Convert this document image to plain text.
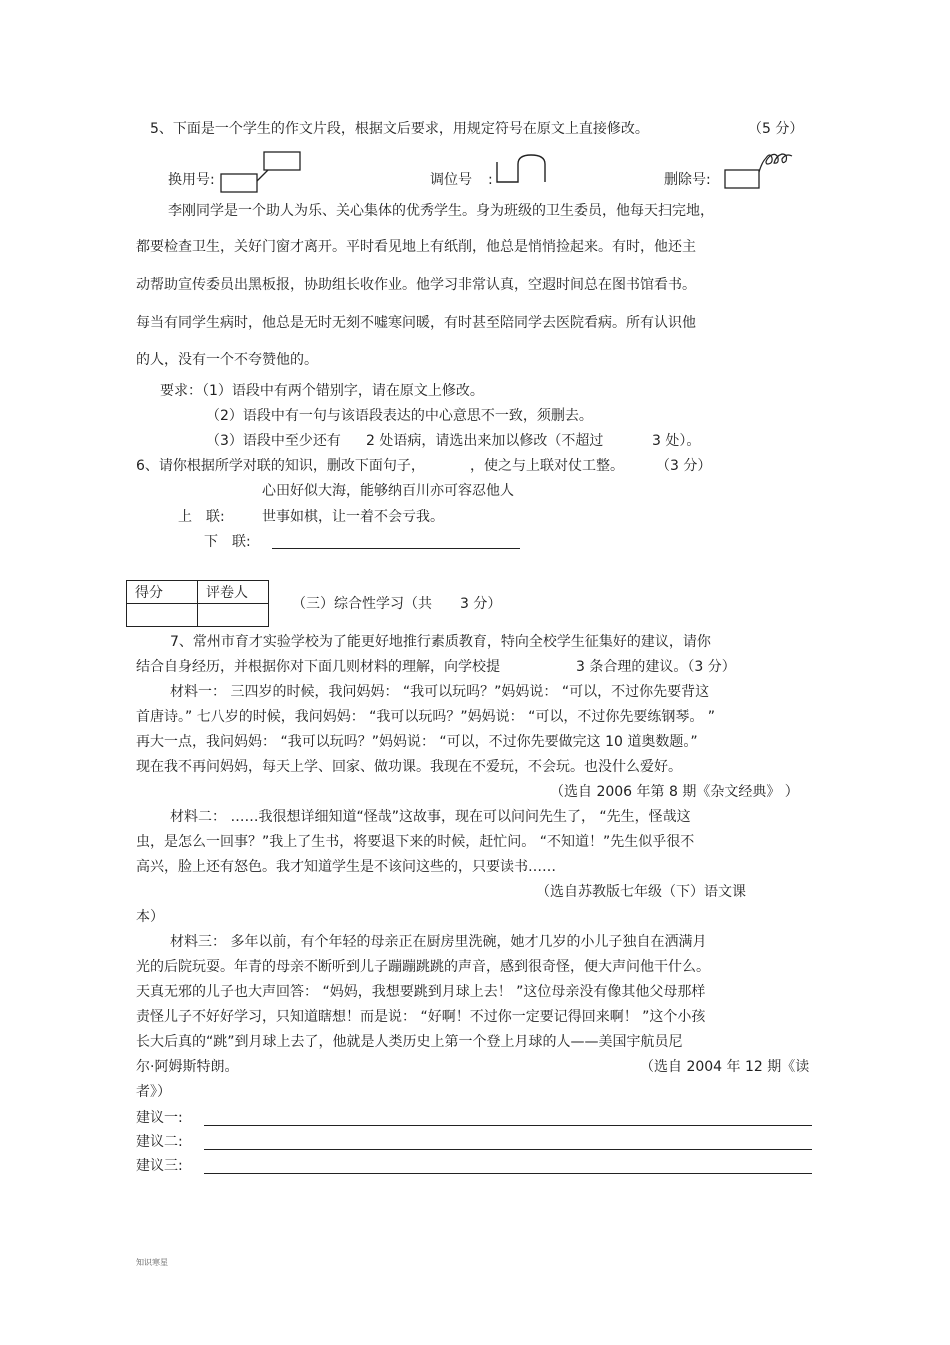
5、下面是一个学生的作文片段，根据文后要求，用规定符号在原文上直接修改。	（5 分）
换用号:	调位号 :	删除号:
李刚同学是一个助人为乐、关心集体的优秀学生。身为班级的卫生委员，他每天扫完地，
都要检查卫生，关好门窗才离开。平时看见地上有纸削，他总是悄悄捡起来。有时，他还主
动帮助宣传委员出黑板报，协助组长收作业。他学习非常认真，空遐时间总在图书馆看书。
每当有同学生病时，他总是无时无刻不嘘寒问暖，有时甚至陪同学去医院看病。所有认识他
的人，没有一个不夸赞他的。
要求：（1）语段中有两个错别字，请在原文上修改。
（2）语段中有一句与该语段表达的中心意思不一致，须删去。
（3）语段中至少还有 2 处语病，请选出来加以修改（不超过	3 处）。
6、请你根据所学对联的知识，删改下面句子，	，使之与上联对仗工整。 （3 分）
心田好似大海，能够纳百川亦可容忍他人
上　联:	世事如棋，让一着不会亏我。
下　联:
得分	评卷人

（三）综合性学习（共 3 分）
7、常州市育才实验学校为了能更好地推行素质教育，特向全校学生征集好的建议，请你
结合自身经历，并根据你对下面几则材料的理解，向学校提	3 条合理的建议。（3 分）
材料一： 三四岁的时候，我问妈妈： “我可以玩吗？”妈妈说： “可以，不过你先要背这
首唐诗。” 七八岁的时候，我问妈妈： “我可以玩吗？”妈妈说： “可以，不过你先要练钢琴。 ”
再大一点，我问妈妈： “我可以玩吗？”妈妈说： “可以，不过你先要做完这 10 道奥数题。”
现在我不再问妈妈，每天上学、回家、做功课。我现在不爱玩，不会玩。也没什么爱好。
（选自 2006 年第 8 期《杂文经典》 ）
材料二： ……我很想详细知道“怪哉”这故事，现在可以问问先生了， “先生，怪哉这
虫，是怎么一回事？”我上了生书，将要退下来的时候，赶忙问。 “不知道！”先生似乎很不
高兴，脸上还有怒色。我才知道学生是不该问这些的，只要读书……
（选自苏教版七年级（下）语文课
本）
材料三： 多年以前，有个年轻的母亲正在厨房里洗碗，她才几岁的小儿子独自在洒满月
光的后院玩耍。年青的母亲不断听到儿子蹦蹦跳跳的声音，感到很奇怪，便大声问他干什么。
天真无邪的儿子也大声回答： “妈妈，我想要跳到月球上去！ ”这位母亲没有像其他父母那样
责怪儿子不好好学习，只知道瞎想！而是说： “好啊！不过你一定要记得回来啊！ ”这个小孩
长大后真的“跳”到月球上去了，他就是人类历史上第一个登上月球的人——美国宇航员尼
尔·阿姆斯特朗。	（选自 2004 年 12 期《读
者》）
建议一:
建议二:
建议三:
知识寒星
